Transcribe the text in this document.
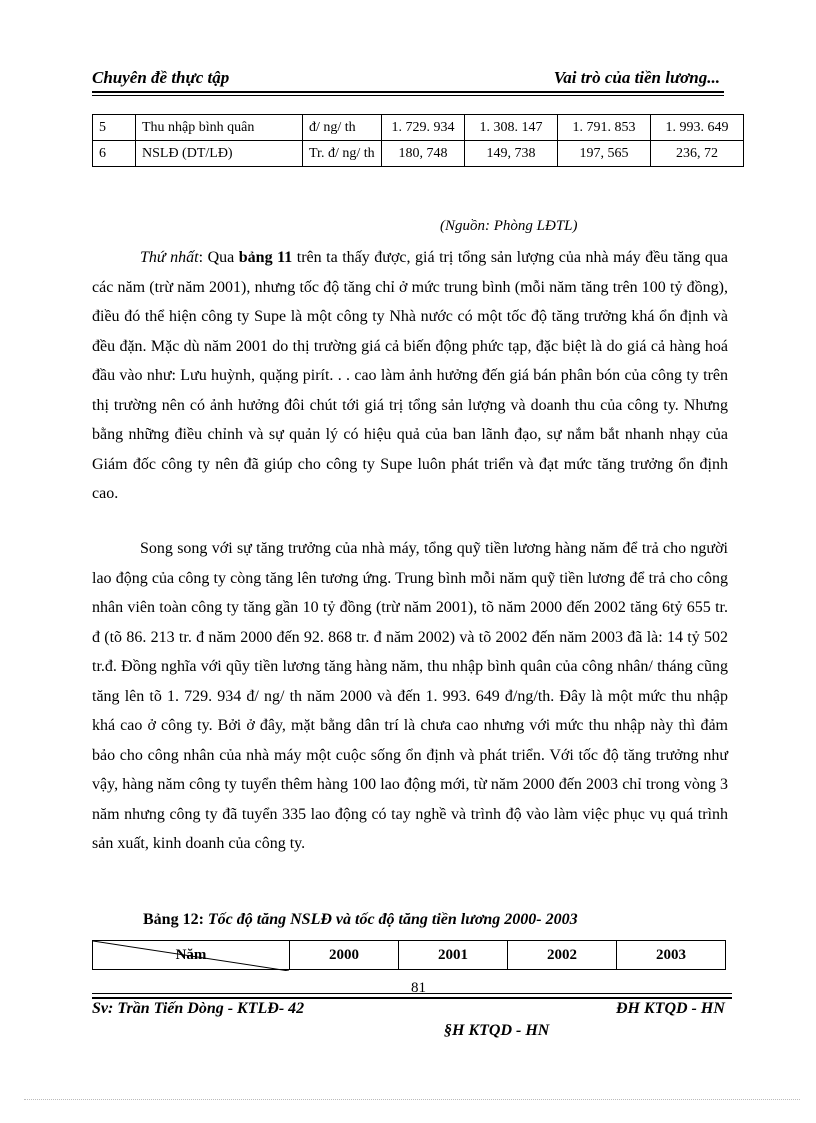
Chuyên đề thực tập	Vai trò của tiền lương...
5	Thu nhập bình quân	đ/ ng/ th	1. 729. 934	1. 308. 147	1. 791. 853	1. 993. 649
6	NSLĐ (DT/LĐ)	Tr. đ/ ng/ th	180, 748	149, 738	197, 565	236, 72
(Nguồn: Phòng LĐTL)

Thứ nhất: Qua bảng 11 trên ta thấy được, giá trị tổng sản lượng của nhà máy đều tăng qua các năm (trừ năm 2001), nhưng tốc độ tăng chỉ ở mức trung bình (mỗi năm tăng trên 100 tỷ đồng), điều đó thể hiện công ty Supe là một công ty Nhà nước có một tốc độ tăng trưởng khá ổn định và đều đặn. Mặc dù năm 2001 do thị trường giá cả biến động phức tạp, đặc biệt là do giá cả hàng hoá đầu vào như: Lưu huỳnh, quặng pirít. . . cao làm ảnh hưởng đến giá bán phân bón của công ty trên thị trường nên có ảnh hưởng đôi chút tới giá trị tổng sản lượng và doanh thu của công ty. Nhưng bằng những điều chỉnh và sự quản lý có hiệu quả của ban lãnh đạo, sự nắm bắt nhanh nhạy của Giám đốc công ty nên đã giúp cho công ty Supe luôn phát triển và đạt mức tăng trưởng ổn định cao.

Song song với sự tăng trưởng của nhà máy, tổng quỹ tiền lương hàng năm để trả cho người lao động của công ty còng tăng lên tương ứng. Trung bình mỗi năm quỹ tiền lương để trả cho công nhân viên toàn công ty tăng gần 10 tỷ đồng (trừ năm 2001), tõ năm 2000 đến 2002 tăng 6tỷ 655 tr. đ (tõ 86. 213 tr. đ năm 2000 đến 92. 868 tr. đ năm 2002) và tõ 2002 đến năm 2003 đã là: 14 tỷ 502 tr.đ. Đồng nghĩa với qũy tiền lương tăng hàng năm, thu nhập bình quân của công nhân/ tháng cũng tăng lên tõ 1. 729. 934 đ/ ng/ th năm 2000 và đến 1. 993. 649 đ/ng/th. Đây là một mức thu nhập khá cao ở công ty. Bởi ở đây, mặt bằng dân trí là chưa cao nhưng với mức thu nhập này thì đảm bảo cho công nhân của nhà máy một cuộc sống ổn định và phát triển. Với tốc độ tăng trưởng như vậy, hàng năm công ty tuyển thêm hàng 100 lao động mới, từ năm 2000 đến 2003 chỉ trong vòng 3 năm nhưng công ty đã tuyển 335 lao động có tay nghề và trình độ vào làm việc phục vụ quá trình sản xuất, kinh doanh của công ty.

Bảng 12: Tốc độ tăng NSLĐ và tốc độ tăng tiền lương 2000- 2003
Năm	2000	2001	2002	2003
81
Sv: Trần Tiến Dòng - KTLĐ- 42	ĐH KTQD - HN
§H KTQD - HN
